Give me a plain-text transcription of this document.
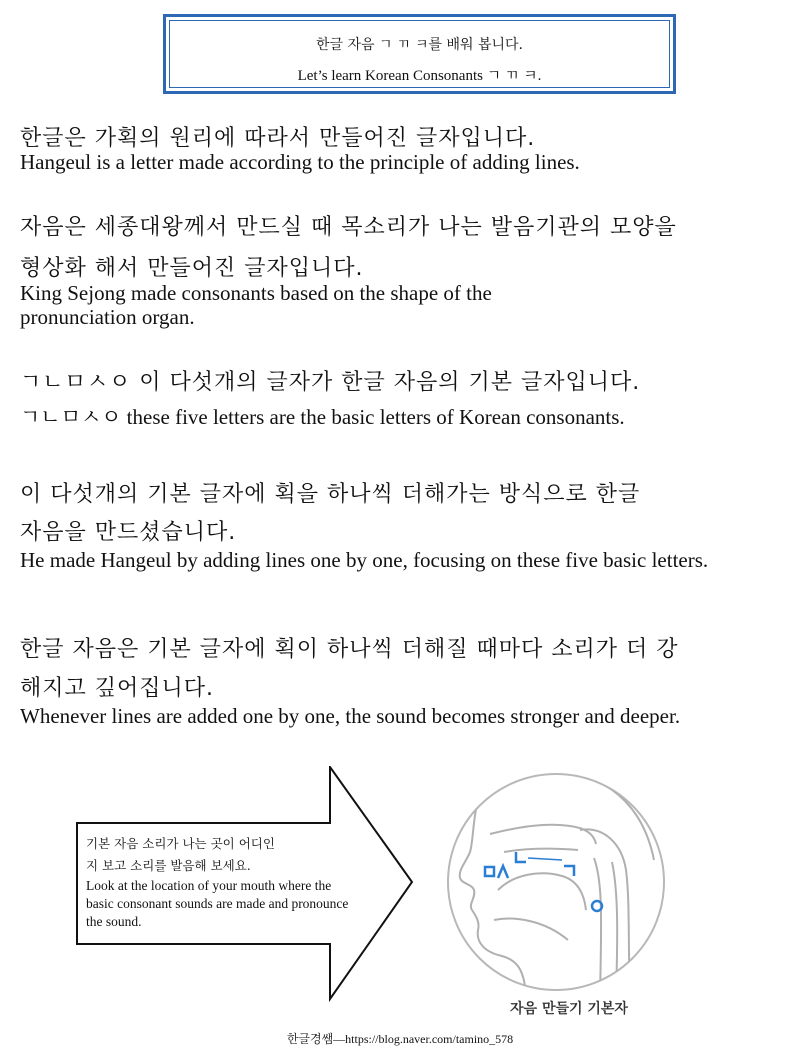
한글 자음 ㄱ ㄲ ㅋ를 배워 봅니다.
Let’s learn Korean Consonants ㄱ ㄲ ㅋ.
한글은 가획의 원리에 따라서 만들어진 글자입니다.
Hangeul is a letter made according to the principle of adding lines.
자음은 세종대왕께서 만드실 때 목소리가 나는 발음기관의 모양을
형상화 해서 만들어진 글자입니다.
King Sejong made consonants based on the shape of the pronunciation organ.
ㄱㄴㅁㅅㅇ 이 다섯개의 글자가 한글 자음의 기본 글자입니다.
ㄱㄴㅁㅅㅇ these five letters are the basic letters of Korean consonants.
이 다섯개의 기본 글자에 획을 하나씩 더해가는 방식으로 한글
자음을 만드셨습니다.
He made Hangeul by adding lines one by one, focusing on these five basic letters.
한글 자음은 기본 글자에 획이 하나씩 더해질 때마다 소리가 더 강
해지고 깊어집니다.
Whenever lines are added one by one, the sound becomes stronger and deeper.
기본 자음 소리가 나는 곳이 어디인
지 보고 소리를 발음해 보세요.
Look at the location of your mouth where the basic consonant sounds are made and pronounce the sound.
자음 만들기 기본자
한글경쌤—https://blog.naver.com/tamino_578
